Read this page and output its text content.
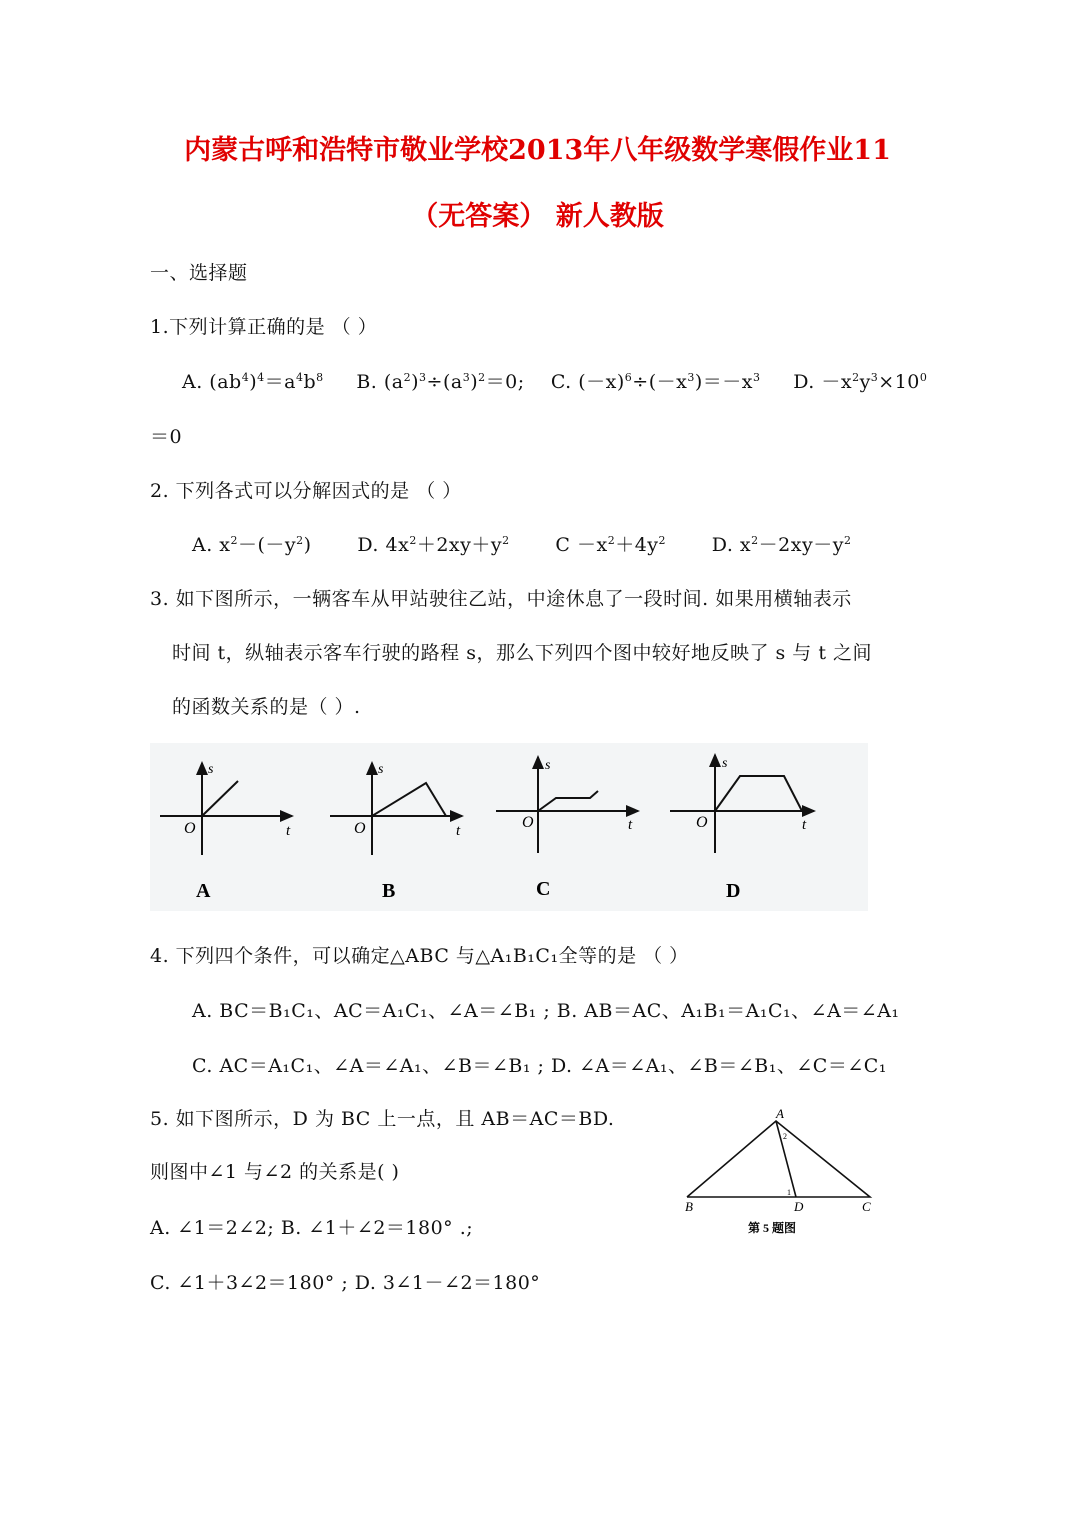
内蒙古呼和浩特市敬业学校2013年八年级数学寒假作业11
（无答案） 新人教版
一、选择题
1.下列计算正确的是 （ ）
A. $(ab^4)^4=a^4b^8$ B. $(a^2)^3\div(a^3)^2=0$; C. $(-x)^6\div(-x^3)=-x^3$ D. $-x^2y^3\times 10^0$
＝0
2. 下列各式可以分解因式的是 （ ）
A. $x^2-(-y^2)$ D. $4x^2+2xy+y^2$ $C -x^2+4y^2$ D. $x^2-2xy-y^2$
3. 如下图所示，一辆客车从甲站驶往乙站，中途休息了一段时间. 如果用横轴表示
时间 t，纵轴表示客车行驶的路程 s，那么下列四个图中较好地反映了 s 与 t 之间
的函数关系的是（ ）.
s
t
O
A
s
t
O
B
s
t
O
C
s
t
O
D
4. 下列四个条件，可以确定△ABC 与△A₁B₁C₁全等的是 （ ）
A. BC＝B₁C₁、AC＝A₁C₁、∠A＝∠B₁ ; B. AB＝AC、A₁B₁＝A₁C₁、∠A＝∠A₁
C. AC＝A₁C₁、∠A＝∠A₁、∠B＝∠B₁ ; D. ∠A＝∠A₁、∠B＝∠B₁、∠C＝∠C₁
5. 如下图所示，D 为 BC 上一点，且 AB＝AC＝BD.
则图中∠1 与∠2 的关系是( )
A. ∠1＝2∠2; B. ∠1＋∠2＝180° .;
C. ∠1＋3∠2＝180° ; D. 3∠1－∠2＝180°
A
B	D	C
2
1
第 5 题图
